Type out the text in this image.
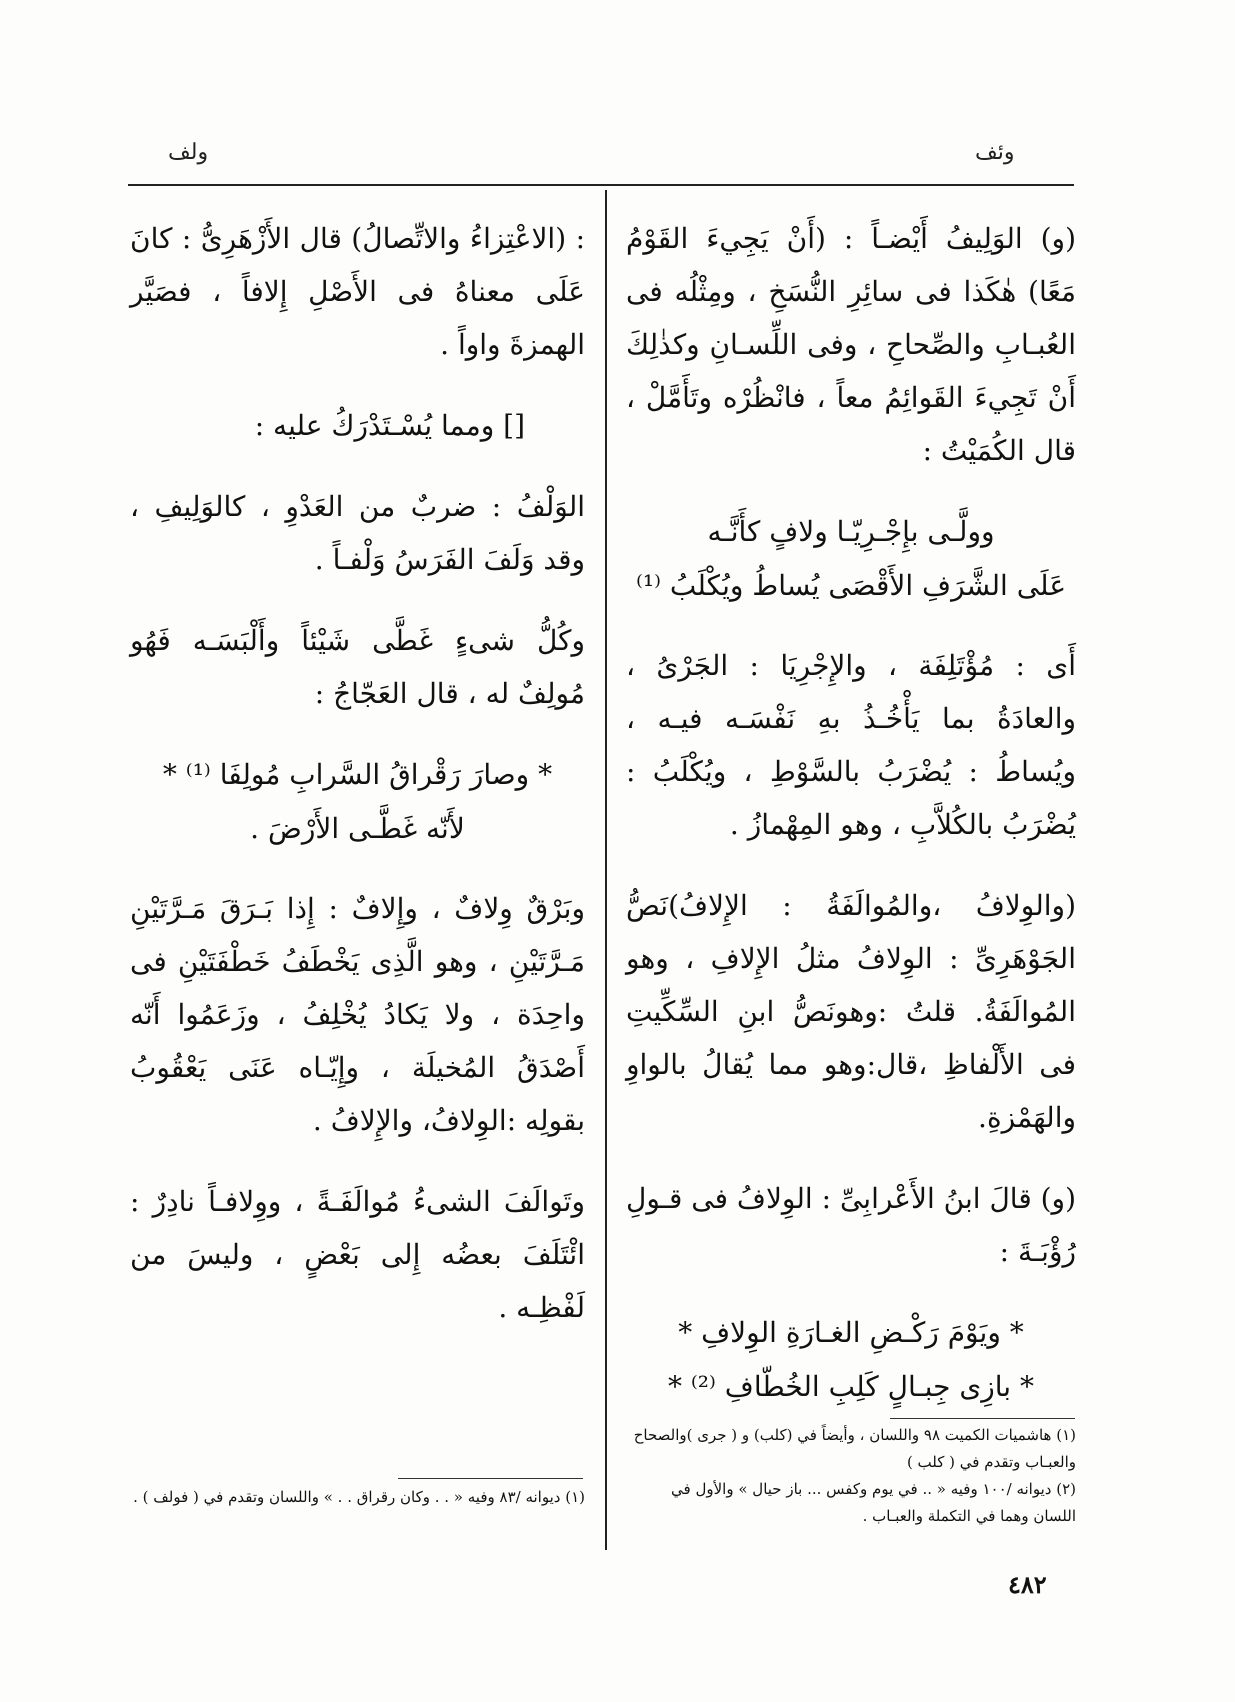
وئف
ولف

(و) الوَلِيفُ أَيْضـاً : (أَنْ يَجِيءَ القَوْمُ مَعًا) هٰكَذا فى سائِرِ النُّسَخِ ، ومِثْلُه فى العُبـابِ والصِّحاحِ ، وفى اللِّسـانِ وكذٰلِكَ أَنْ تَجِيءَ القَوائِمُ معاً ، فانْظُرْه وتَأَمَّلْ ، قال الكُمَيْتُ :

وولَّـى بإِجْـرِيّـا ولافٍ كأَنَّـه
عَلَى الشَّرَفِ الأَقْصَى يُساطُ ويُكْلَبُ ⁽¹⁾

أَى : مُؤْتَلِفَة ، والإِجْرِيَا : الجَرْىُ ، والعادَةُ بما يَأْخُـذُ بهِ نَفْسَـه فيـه ، ويُساطُ : يُضْرَبُ بالسَّوْطِ ، ويُكْلَبُ : يُضْرَبُ بالكُلاَّبِ ، وهو المِهْمازُ .

(والوِلافُ ،والمُوالَفَةُ : الإِلافُ)نَصُّ الجَوْهَرِىِّ : الوِلافُ مثلُ الإِلافِ ، وهو المُوالَفَةُ. قلتُ :وهونَصُّ ابنِ السِّكِّيتِ فى الأَلْفاظِ ،قال:وهو مما يُقالُ بالواوِ والهَمْزةِ.

(و) قالَ ابنُ الأَعْرابِىِّ : الوِلافُ فى قـولِ رُؤْبَـةَ :

* ويَوْمَ رَكْـضِ الغـارَةِ الوِلافِ *
* بازِى جِبـالٍ كَلِبِ الخُطّافِ ⁽²⁾ *

(١) هاشميات الكميت ٩٨ واللسان ، وأيضاً في (كلب) و ( جرى )والصحاح والعبـاب وتقدم في ( كلب )

(٢) ديوانه /١٠٠ وفيه « .. في يوم وكفس ... باز حيال » والأول في اللسان وهما في التكملة والعبـاب .

: (الاعْتِزاءُ والاتِّصالُ) قال الأَزْهَرِىُّ : كانَ عَلَى معناهُ فى الأَصْلِ إِلافاً ، فصَيَّر الهمزةَ واواً .

[] ومما يُسْـتَدْرَكُ عليه :

الوَلْفُ : ضربٌ من العَدْوِ ، كالوَلِيفِ ، وقد وَلَفَ الفَرَسُ وَلْفـاً .

وكُلُّ شىءٍ غَطَّى شَيْئاً وأَلْبَسَـه فَهُو مُولِفٌ له ، قال العَجّاجُ :

* وصارَ رَقْراقُ السَّرابِ مُولِفَا ⁽¹⁾ *
لأَنّه غَطَّـى الأَرْضَ .

وبَرْقٌ وِلافٌ ، وإِلافٌ : إِذا بَـرَقَ مَـرَّتَيْنِ مَـرَّتَيْنِ ، وهو الَّذِى يَخْطَفُ خَطْفَتَيْنِ فى واحِدَة ، ولا يَكادُ يُخْلِفُ ، وزَعَمُوا أَنّه أَصْدَقُ المُخيلَة ، وإِيّـاه عَنَى يَعْقُوبُ بقولِه :الوِلافُ، والإِلافُ .

وتَوالَفَ الشىءُ مُوالَفَـةً ، ووِلافـاً نادِرٌ : ائْتَلَفَ بعضُه إِلى بَعْضٍ ، وليسَ من لَفْظِـه .

(١) ديوانه /٨٣ وفيه « . . وكان رقراق . . » واللسان وتقدم في ( فولف ) .

٤٨٢
